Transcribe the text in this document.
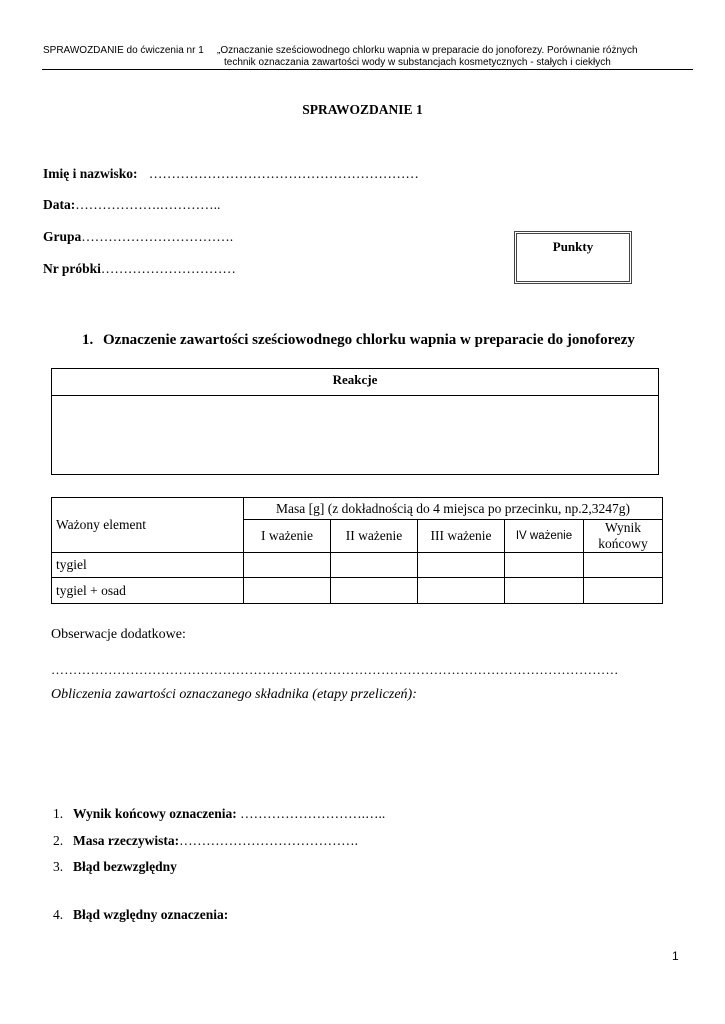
SPRAWOZDANIE do ćwiczenia nr 1 „Oznaczanie sześciowodnego chlorku wapnia w preparacie do jonoforezy. Porównanie różnych
technik oznaczania zawartości wody w substancjach kosmetycznych - stałych i ciekłych
SPRAWOZDANIE 1
Imię i nazwisko: ……………………………………………………
Data:……………….…………..
Grupa…………………………….
Nr próbki…………………………
Punkty
1. Oznaczenie zawartości sześciowodnego chlorku wapnia w preparacie do jonoforezy
Reakcje
Ważony element	Masa [g] (z dokładnością do 4 miejsca po przecinku, np.2,3247g)				
	I ważenie	II ważenie	III ważenie	IV ważenie	Wynik końcowy
tygiel					
tygiel + osad					
Obserwacje dodatkowe:
…………………………………………………………………………………………………………………
Obliczenia zawartości oznaczanego składnika (etapy przeliczeń):
1. Wynik końcowy oznaczenia: ……………………….…..
2. Masa rzeczywista:………………………………….
3. Błąd bezwzględny
4. Błąd względny oznaczenia:
1
